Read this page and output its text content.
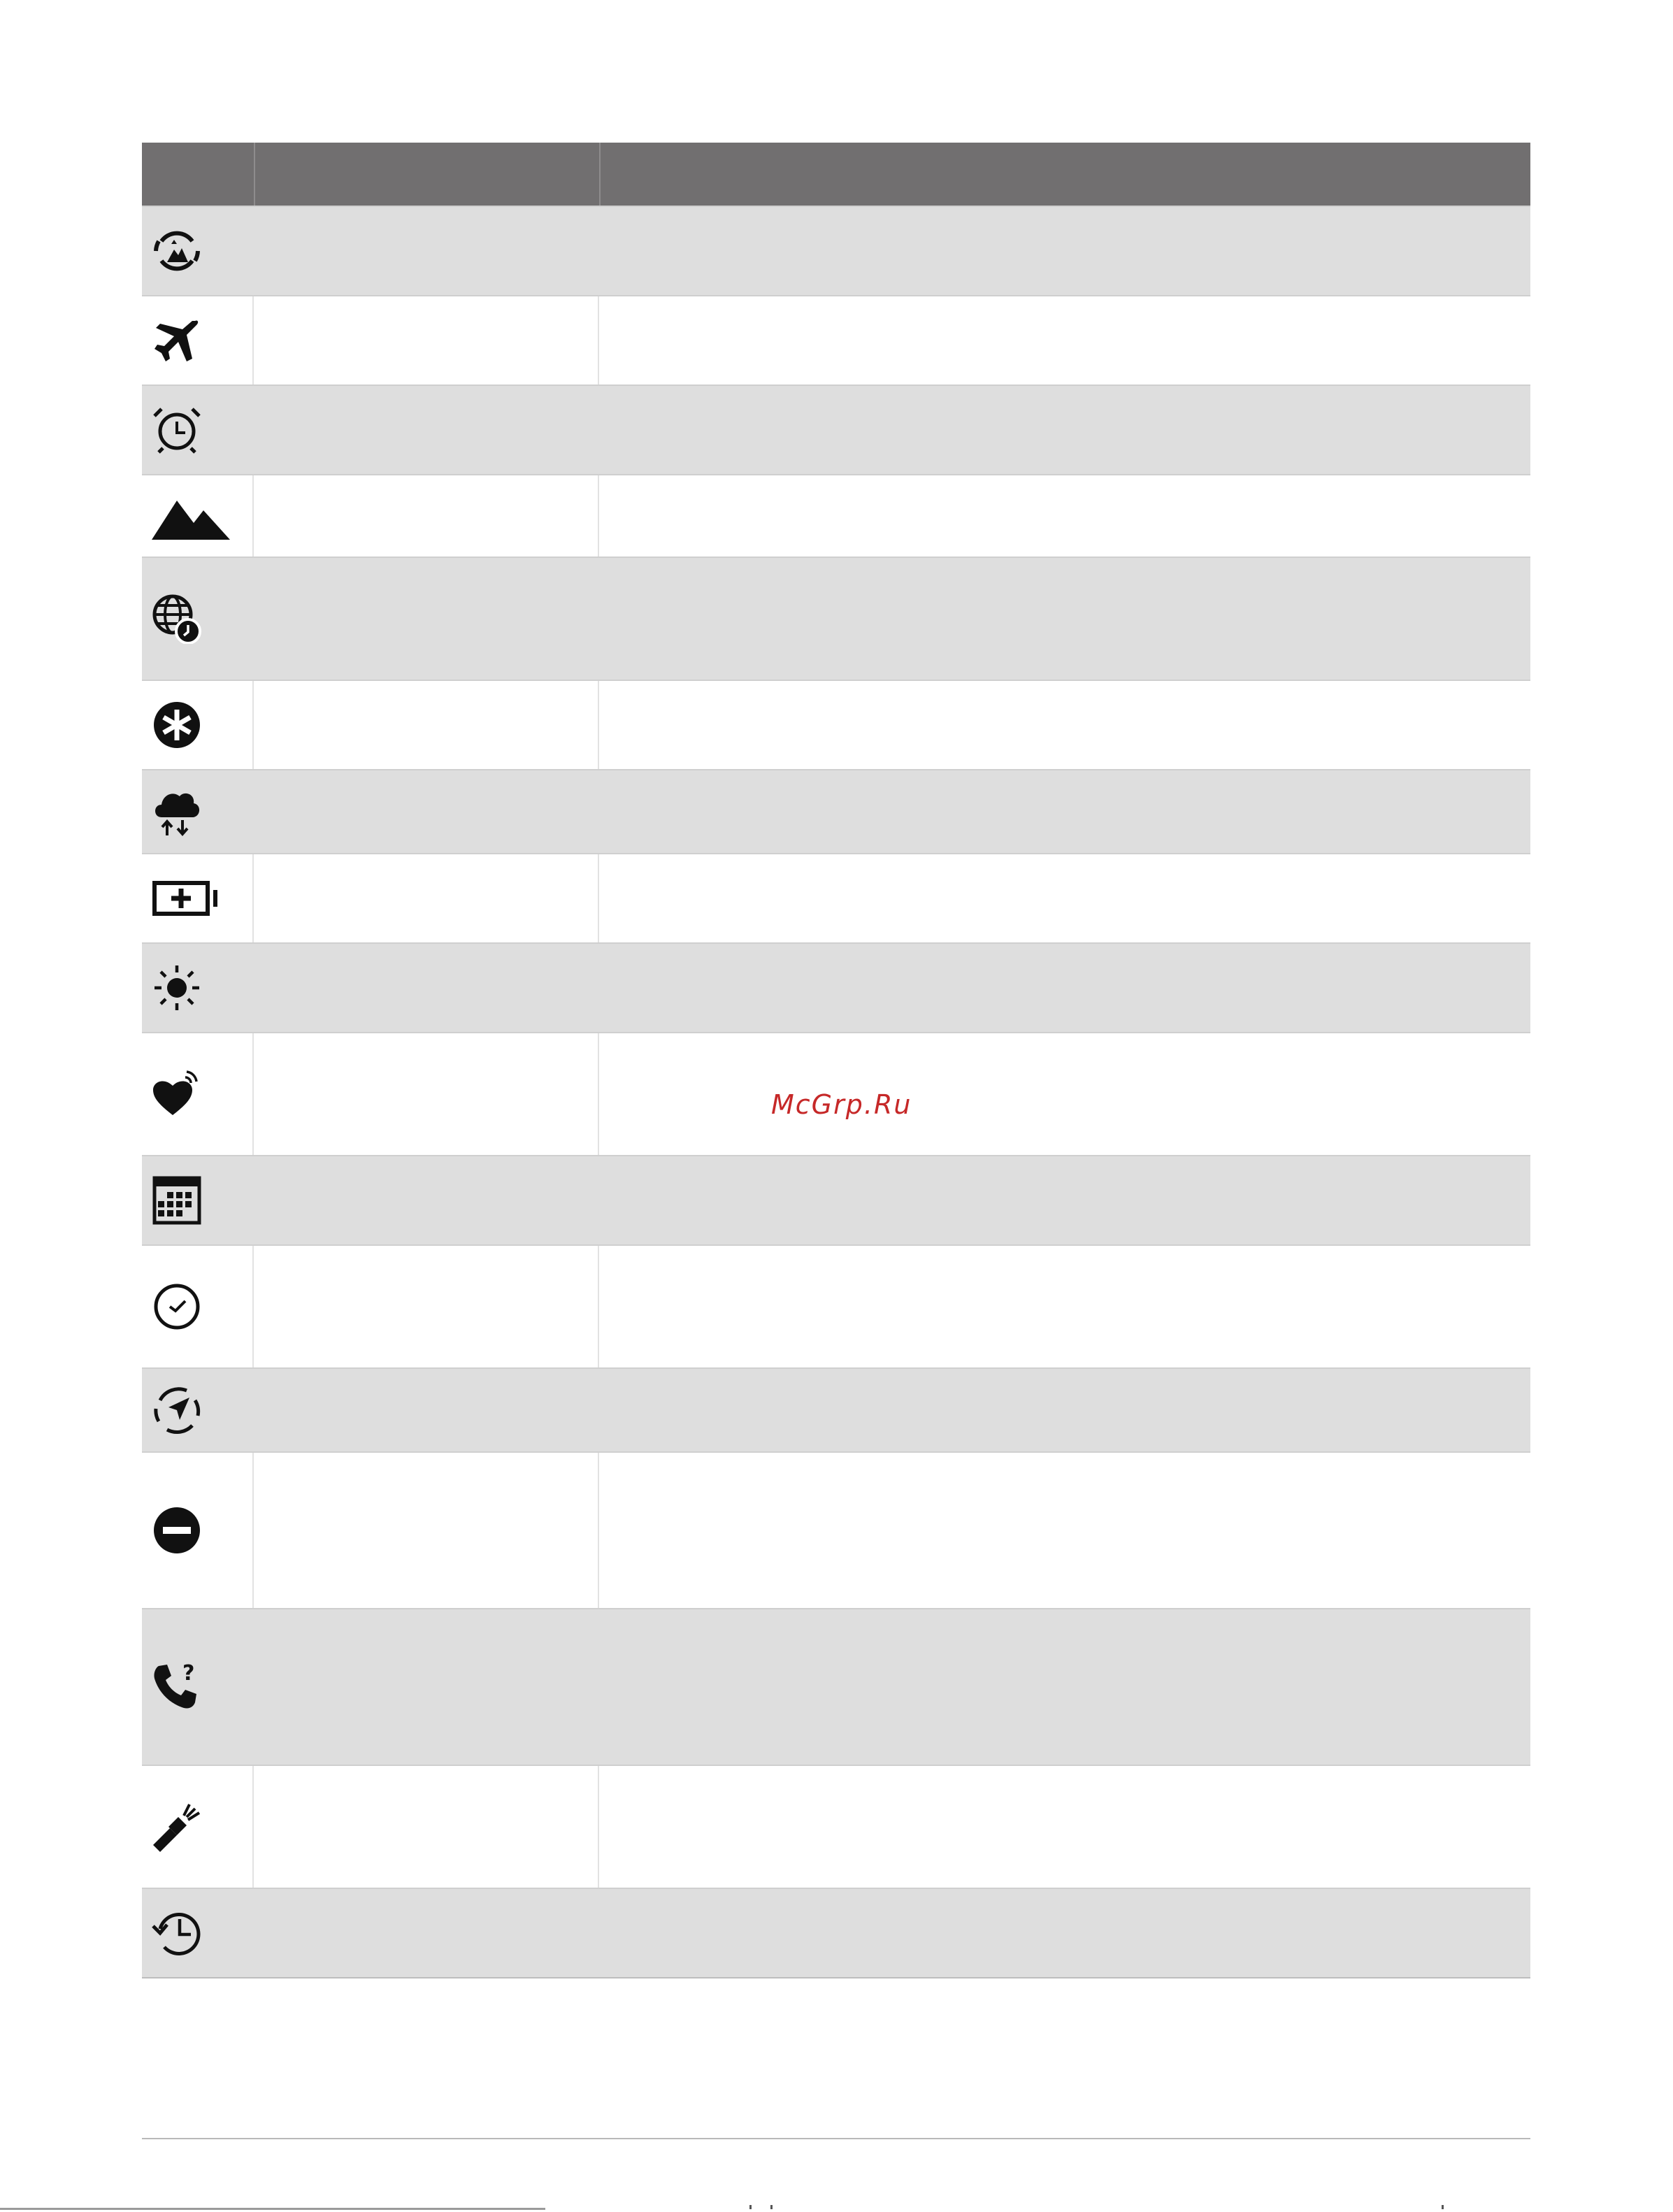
?
McGrp.Ru
